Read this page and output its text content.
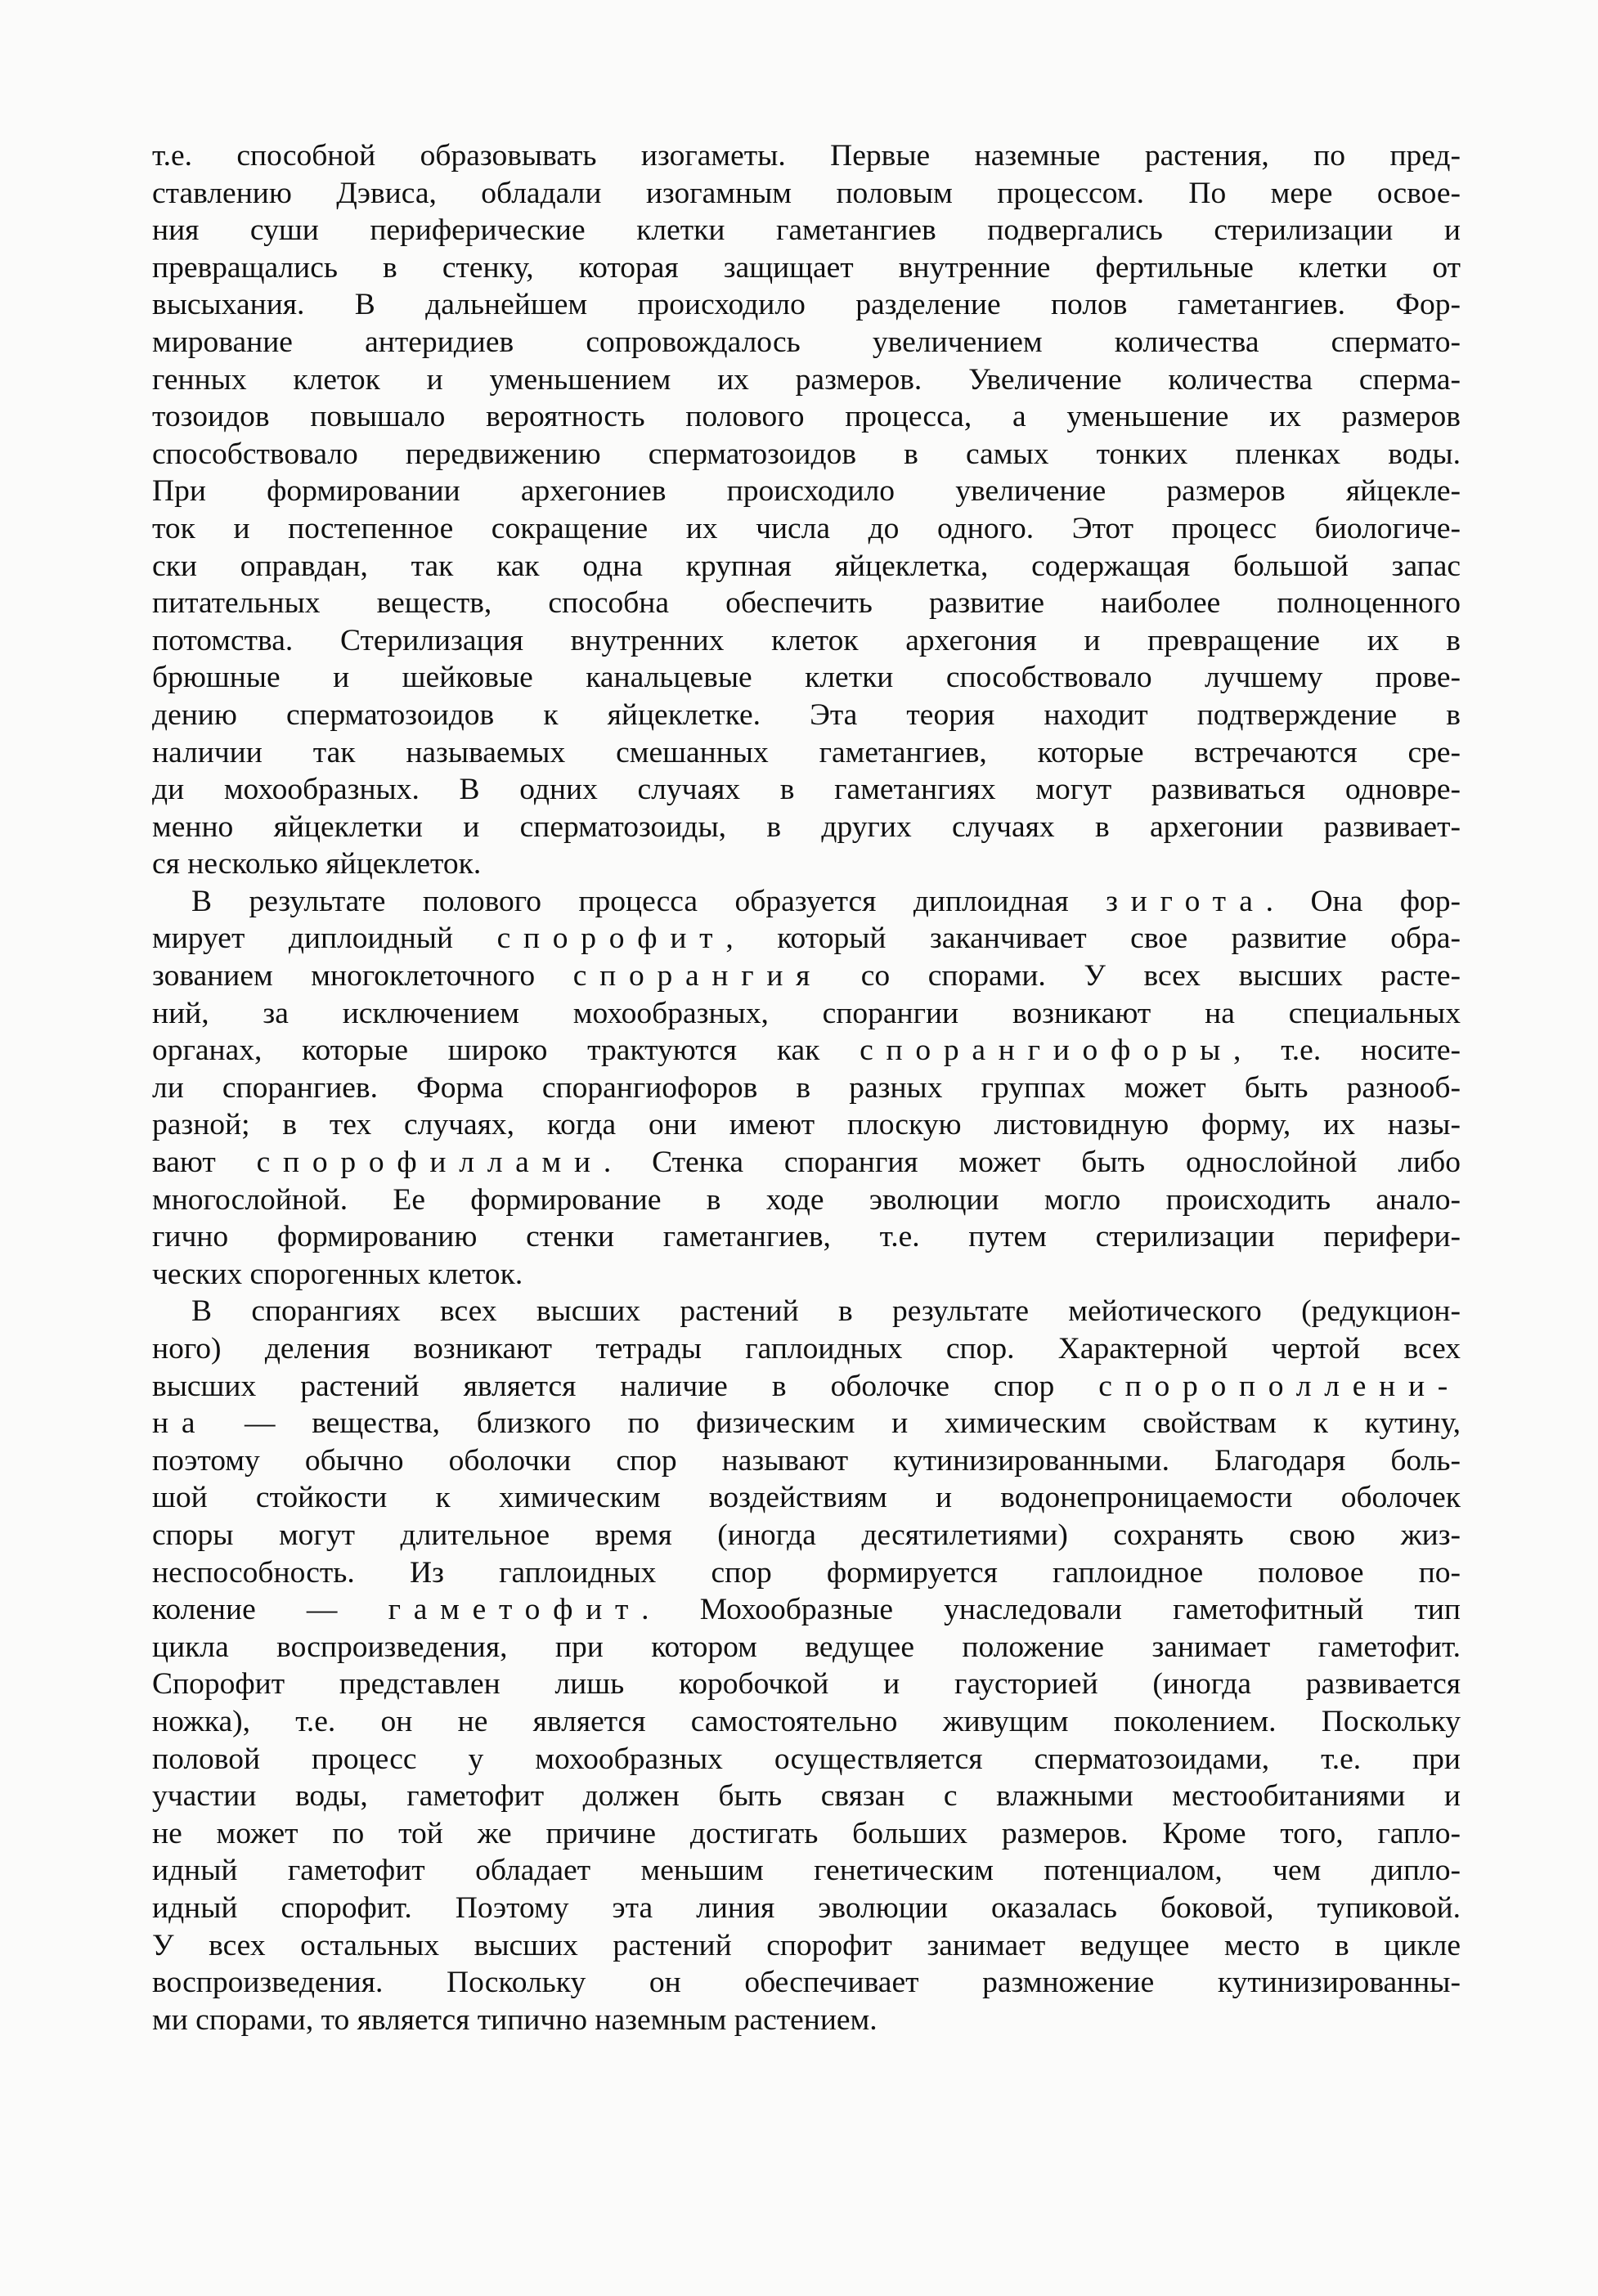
т.е. способной образовывать изогаметы. Первые наземные растения, по пред-
ставлению Дэвиса, обладали изогамным половым процессом. По мере освое-
ния суши периферические клетки гаметангиев подвергались стерилизации и
превращались в стенку, которая защищает внутренние фертильные клетки от
высыхания. В дальнейшем происходило разделение полов гаметангиев. Фор-
мирование антеридиев сопровождалось увеличением количества сперматo-
генных клеток и уменьшением их размеров. Увеличение количества сперма-
тозоидов повышало вероятность полового процесса, а уменьшение их размеров
способствовало передвижению сперматозоидов в самых тонких пленках воды.
При формировании архегониев происходило увеличение размеров яйцекле-
ток и постепенное сокращение их числа до одного. Этот процесс биологиче-
ски оправдан, так как одна крупная яйцеклетка, содержащая большой запас
питательных веществ, способна обеспечить развитие наиболее полноценного
потомства. Стерилизация внутренних клеток архегония и превращение их в
брюшные и шейковые канальцевые клетки способствовало лучшему прове-
дению сперматозоидов к яйцеклетке. Эта теория находит подтверждение в
наличии так называемых смешанных гаметангиев, которые встречаются сре-
ди мохообразных. В одних случаях в гаметангиях могут развиваться одновре-
менно яйцеклетки и сперматозоиды, в других случаях в архегонии развивает-
ся несколько яйцеклеток.
В результате полового процесса образуется диплоидная зигота. Она фор-
мирует диплоидный спорофит, который заканчивает свое развитие обра-
зованием многоклеточного спорангия со спорами. У всех высших расте-
ний, за исключением мохообразных, спорангии возникают на специальных
органах, которые широко трактуются как спорангиофоры, т.е. носите-
ли спорангиев. Форма спорангиофоров в разных группах может быть разнооб-
разной; в тех случаях, когда они имеют плоскую листовидную форму, их назы-
вают спорофиллами. Стенка спорангия может быть однослойной либо
многослойной. Ее формирование в ходе эволюции могло происходить анало-
гично формированию стенки гаметангиев, т.е. путем стерилизации перифери-
ческих спорогенных клеток.
В спорангиях всех высших растений в результате мейотического (редукцион-
ного) деления возникают тетрады гаплоидных спор. Характерной чертой всех
высших растений является наличие в оболочке спор спорополлени-
на — вещества, близкого по физическим и химическим свойствам к кутину,
поэтому обычно оболочки спор называют кутинизированными. Благодаря боль-
шой стойкости к химическим воздействиям и водонепроницаемости оболочек
споры могут длительное время (иногда десятилетиями) сохранять свою жиз-
неспособность. Из гаплоидных спор формируется гаплоидное половое по-
коление — гаметофит. Мохообразные унаследовали гаметофитный тип
цикла воспроизведения, при котором ведущее положение занимает гаметофит.
Спорофит представлен лишь коробочкой и гаусторией (иногда развивается
ножка), т.е. он не является самостоятельно живущим поколением. Поскольку
половой процесс у мохообразных осуществляется сперматозоидами, т.е. при
участии воды, гаметофит должен быть связан с влажными местообитаниями и
не может по той же причине достигать больших размеров. Кроме того, гапло-
идный гаметофит обладает меньшим генетическим потенциалом, чем диплo-
идный спорофит. Поэтому эта линия эволюции оказалась боковой, тупиковой.
У всех остальных высших растений спорофит занимает ведущее место в цикле
воспроизведения. Поскольку он обеспечивает размножение кутинизированны-
ми спорами, то является типично наземным растением.
